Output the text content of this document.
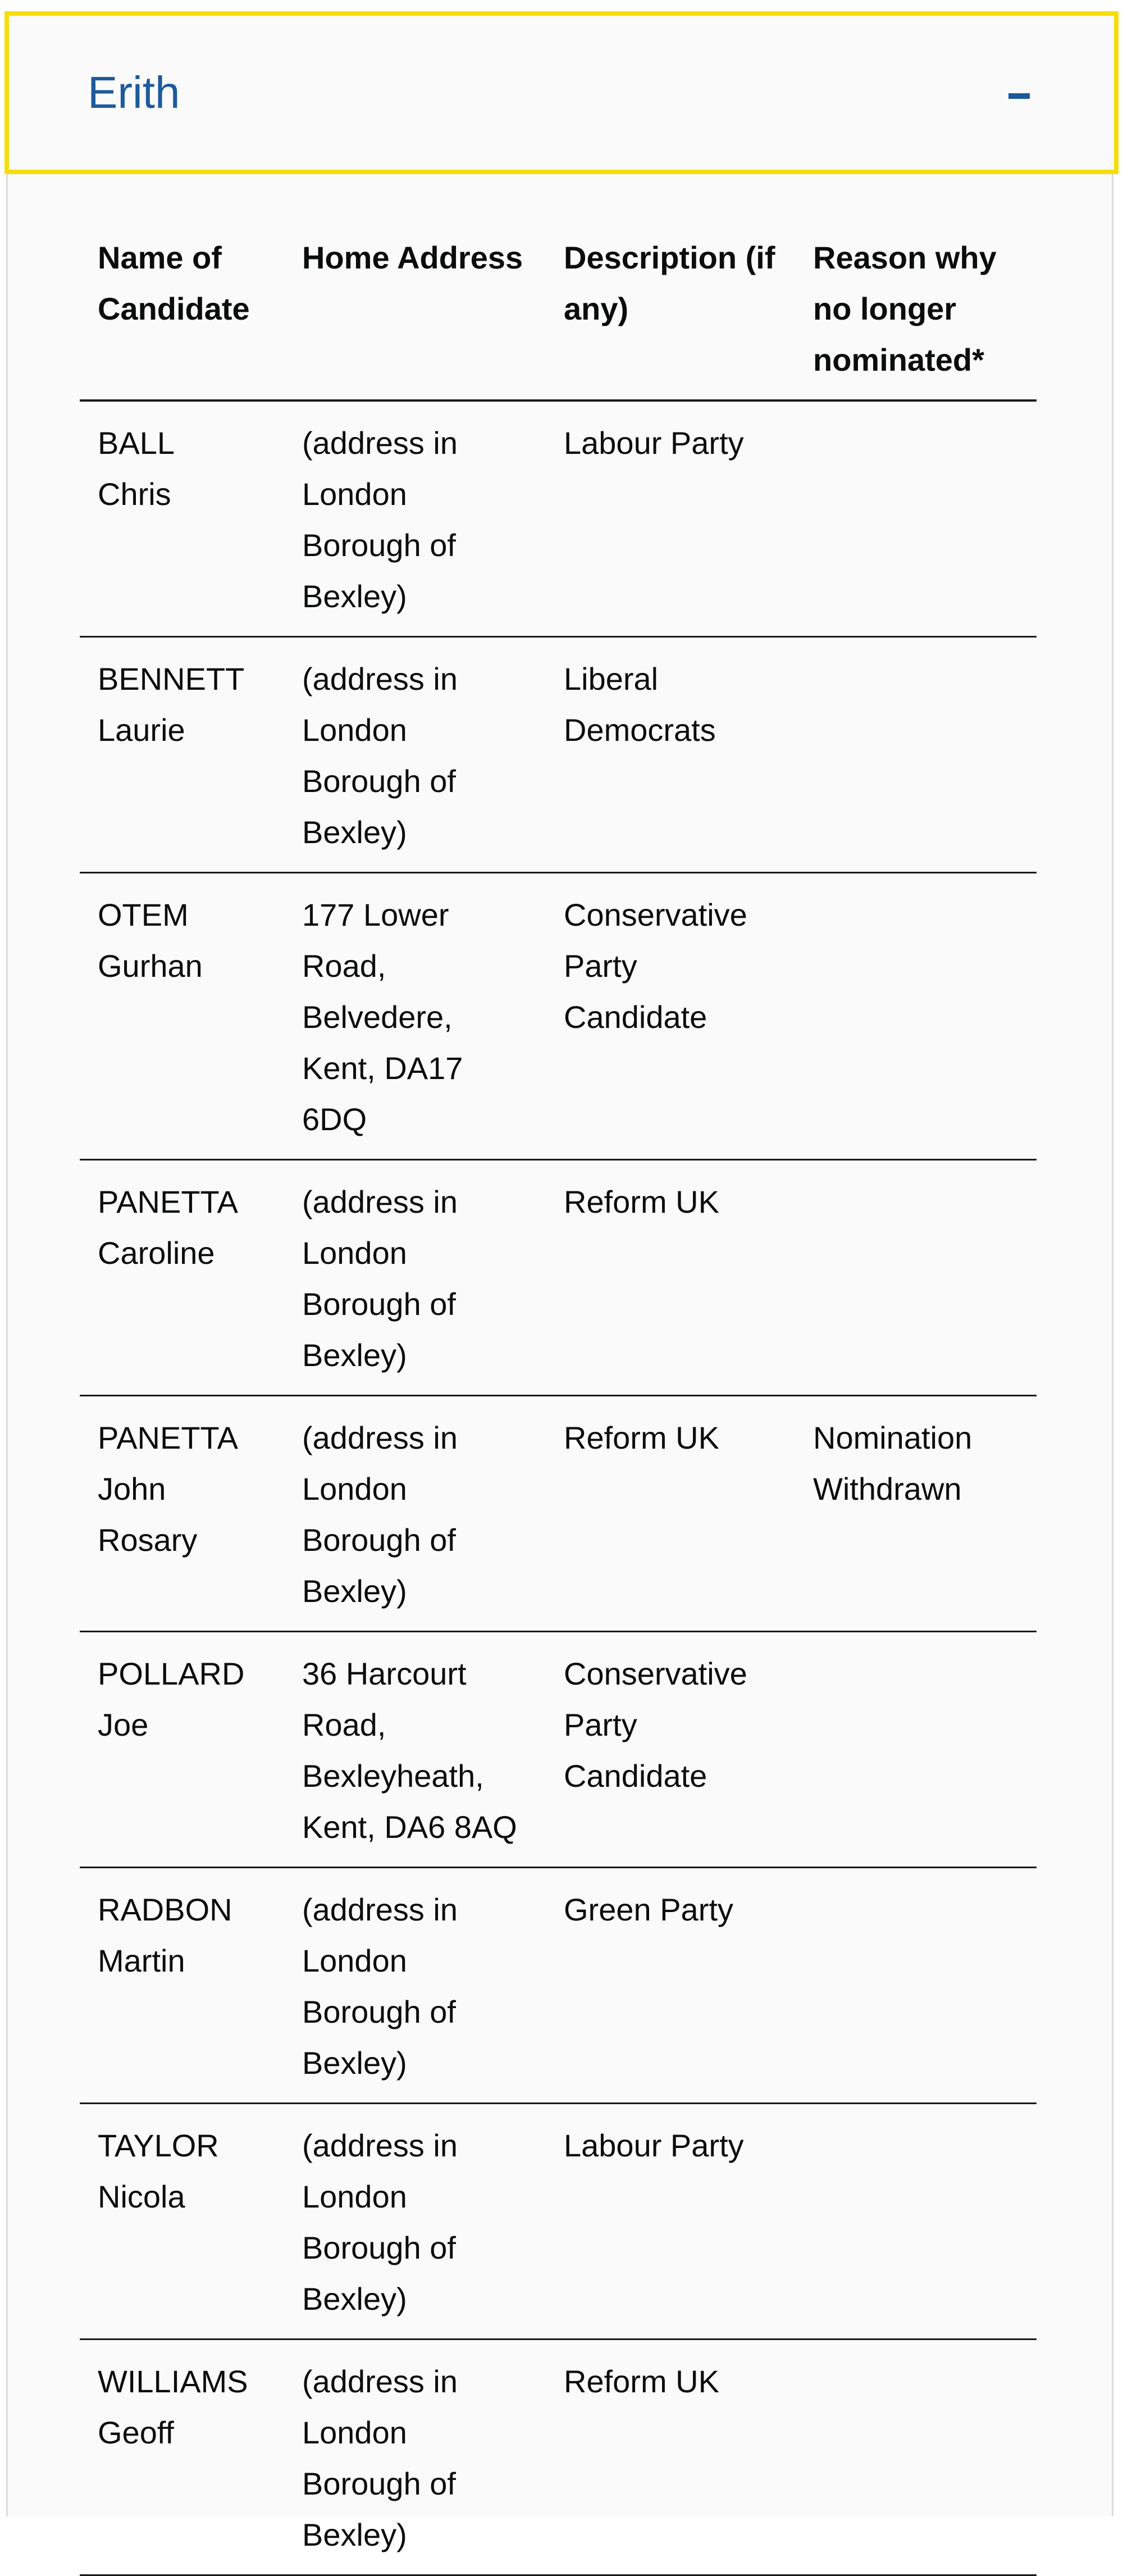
Erith
Name of Candidate	Home Address	Description (if any)	Reason why no longer nominated*

BALL
Chris	(address in London Borough of Bexley)	Labour Party	

BENNETT
Laurie	(address in London Borough of Bexley)	Liberal Democrats	

OTEM
Gurhan	177 Lower Road, Belvedere, Kent, DA17 6DQ	Conservative Party Candidate	

PANETTA
Caroline	(address in London Borough of Bexley)	Reform UK	

PANETTA
John Rosary	(address in London Borough of Bexley)	Reform UK	Nomination Withdrawn

POLLARD
Joe	36 Harcourt Road, Bexleyheath, Kent, DA6 8AQ	Conservative Party Candidate	

RADBON
Martin	(address in London Borough of Bexley)	Green Party	

TAYLOR
Nicola	(address in London Borough of Bexley)	Labour Party	

WILLIAMS
Geoff	(address in London Borough of Bexley)	Reform UK	
